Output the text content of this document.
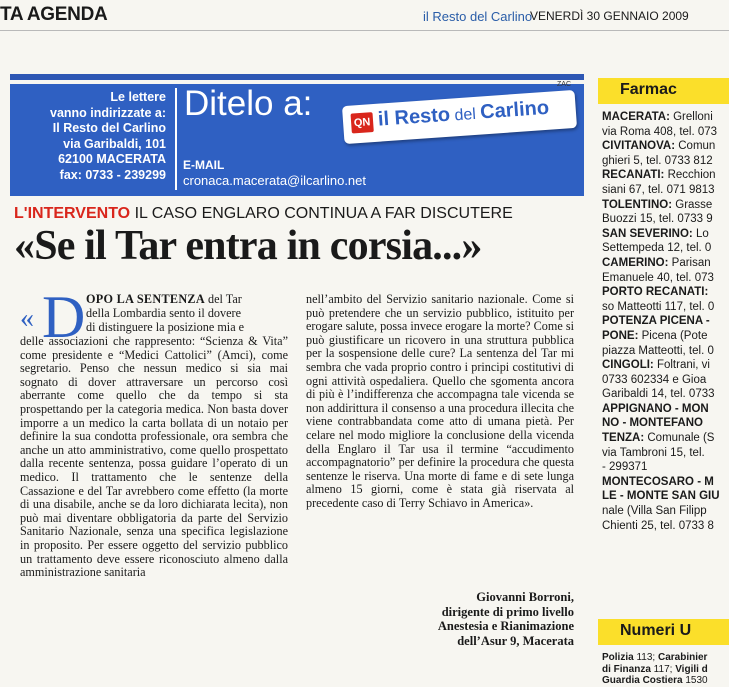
TA AGENDA	il Resto del Carlino
VENERDÌ 30 GENNAIO 2009
Le lettere
vanno indirizzate a:
Il Resto del Carlino
via Garibaldi, 101
62100 MACERATA
fax: 0733 - 239299
Ditelo a:
E-MAIL
cronaca.macerata@ilcarlino.net
QN il Resto del Carlino
ZAC
L'INTERVENTO IL CASO ENGLARO CONTINUA A FAR DISCUTERE
«Se il Tar entra in corsia...»
« D OPO LA SENTENZA del Tar
della Lombardia sento il dovere
di distinguere la posizione mia e

delle associazioni che rappresento: “Scienza & Vita” come presidente e “Medici Cattolici” (Amci), come segretario. Penso che nessun medico si sia mai sognato di dover attraversare un percorso così aberrante come quello che da tempo si sta prospettando per la categoria medica. Non basta dover imporre a un medico la carta bollata di un notaio per definire la sua condotta professionale, ora sembra che anche un atto amministrativo, come quello prospettato dalla recente sentenza, possa guidare l’operato di un medico. Il trattamento che le sentenze della Cassazione e del Tar avrebbero come effetto (la morte di una disabile, anche se da loro dichiarata lecita), non può mai diventare obbligatoria da parte del Servizio Sanitario Nazionale, senza una specifica legislazione in proposito. Per essere oggetto del servizio pubblico un trattamento deve essere riconosciuto almeno dalla amministrazione sanitaria

nell’ambito del Servizio sanitario nazionale. Come si può pretendere che un servizio pubblico, istituito per erogare salute, possa invece erogare la morte? Come si può giustificare un ricovero in una struttura pubblica per la sospensione delle cure? La sentenza del Tar mi sembra che vada proprio contro i principi costitutivi di ogni attività ospedaliera. Quello che sgomenta ancora di più è l’indifferenza che accompagna tale vicenda se non addirittura il consenso a una procedura illecita che viene contrabbandata come atto di umana pietà. Per celare nel modo migliore la conclusione della vicenda della Englaro il Tar usa il termine “accudimento accompagnatorio” per definire la procedura che questa sentenze le riserva. Una morte di fame e di sete lunga almeno 15 giorni, come è stata già riservata al precedente caso di Terry Schiavo in America».

Giovanni Borroni,
dirigente di primo livello
Anestesia e Rianimazione
dell’Asur 9, Macerata
Farmac
MACERATA: Grelloni
via Roma 408, tel. 073
CIVITANOVA: Comun
ghieri 5, tel. 0733 812
RECANATI: Recchion
siani 67, tel. 071 9813
TOLENTINO: Grasse
Buozzi 15, tel. 0733 9
SAN SEVERINO: Lo
Settempeda 12, tel. 0
CAMERINO: Parisan
Emanuele 40, tel. 073
PORTO RECANATI:
so Matteotti 117, tel. 0
POTENZA PICENA -
PONE: Picena (Pote
piazza Matteotti, tel. 0
CINGOLI: Foltrani, vi
0733 602334 e Gioa
Garibaldi 14, tel. 0733
APPIGNANO - MON
NO - MONTEFANO
TENZA: Comunale (S
via Tambroni 15, tel.
- 299371
MONTECOSARO - M
LE - MONTE SAN GIU
nale (Villa San Filipp
Chienti 25, tel. 0733 8
Numeri U
Polizia 113; Carabinier
di Finanza 117; Vigili d
Guardia Costiera 1530
